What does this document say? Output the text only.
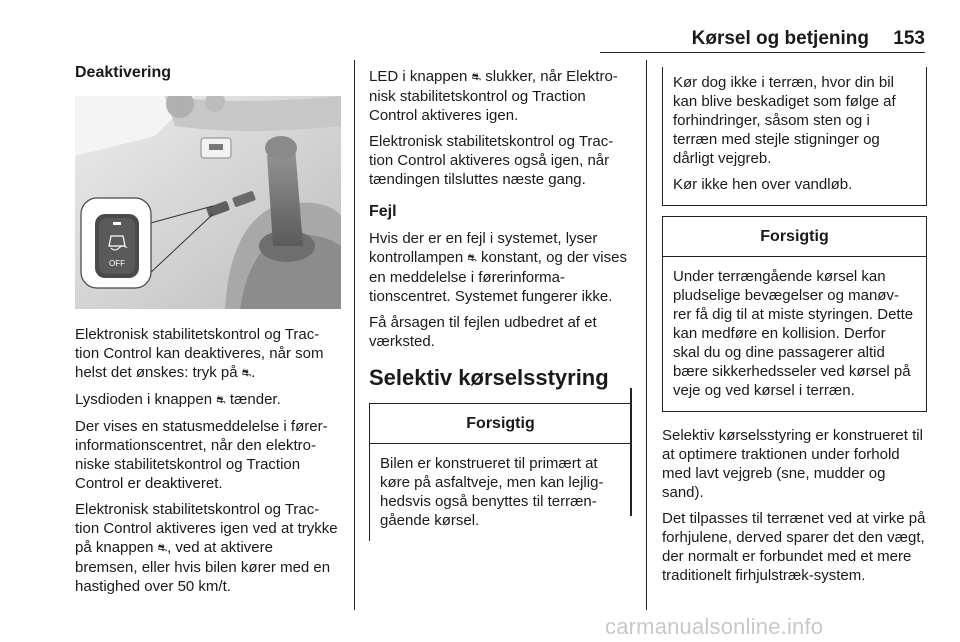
Kørsel og betjening 153
Deaktivering
OFF

Elektronisk stabilitetskontrol og Trac-tion Control kan deaktiveres, når som helst det ønskes: tryk på ⛐.

Lysdioden i knappen ⛐ tænder.

Der vises en statusmeddelelse i fører-informationscentret, når den elektro-niske stabilitetskontrol og Traction Control er deaktiveret.

Elektronisk stabilitetskontrol og Trac-tion Control aktiveres igen ved at trykke på knappen ⛐, ved at aktivere

bremsen, eller hvis bilen kører med en hastighed over 50 km/t.

LED i knappen ⛐ slukker, når Elektro-nisk stabilitetskontrol og Traction Control aktiveres igen.

Elektronisk stabilitetskontrol og Trac-tion Control aktiveres også igen, når tændingen tilsluttes næste gang.

Fejl

Hvis der er en fejl i systemet, lyser kontrollampen ⛐ konstant, og der vises en meddelelse i førerinforma-tionscentret. Systemet fungerer ikke.

Få årsagen til fejlen udbedret af et værksted.

Selektiv kørselsstyring
Forsigtig

Bilen er konstrueret til primært at køre på asfaltveje, men kan lejlig-hedsvis også benyttes til terræn-gående kørsel.

Kør dog ikke i terræn, hvor din bil kan blive beskadiget som følge af forhindringer, såsom sten og i terræn med stejle stigninger og dårligt vejgreb.

Kør ikke hen over vandløb.

Forsigtig

Under terrængående kørsel kan pludselige bevægelser og manøv-rer få dig til at miste styringen. Dette kan medføre en kollision. Derfor skal du og dine passagerer altid bære sikkerhedsseler ved kørsel på veje og ved kørsel i terræn.

Selektiv kørselsstyring er konstrueret til at optimere traktionen under forhold med lavt vejgreb (sne, mudder og sand).

Det tilpasses til terrænet ved at virke på forhjulene, derved sparer det den vægt, der normalt er forbundet med et mere traditionelt firhjulstræk-system.

carmanualsonline.info
